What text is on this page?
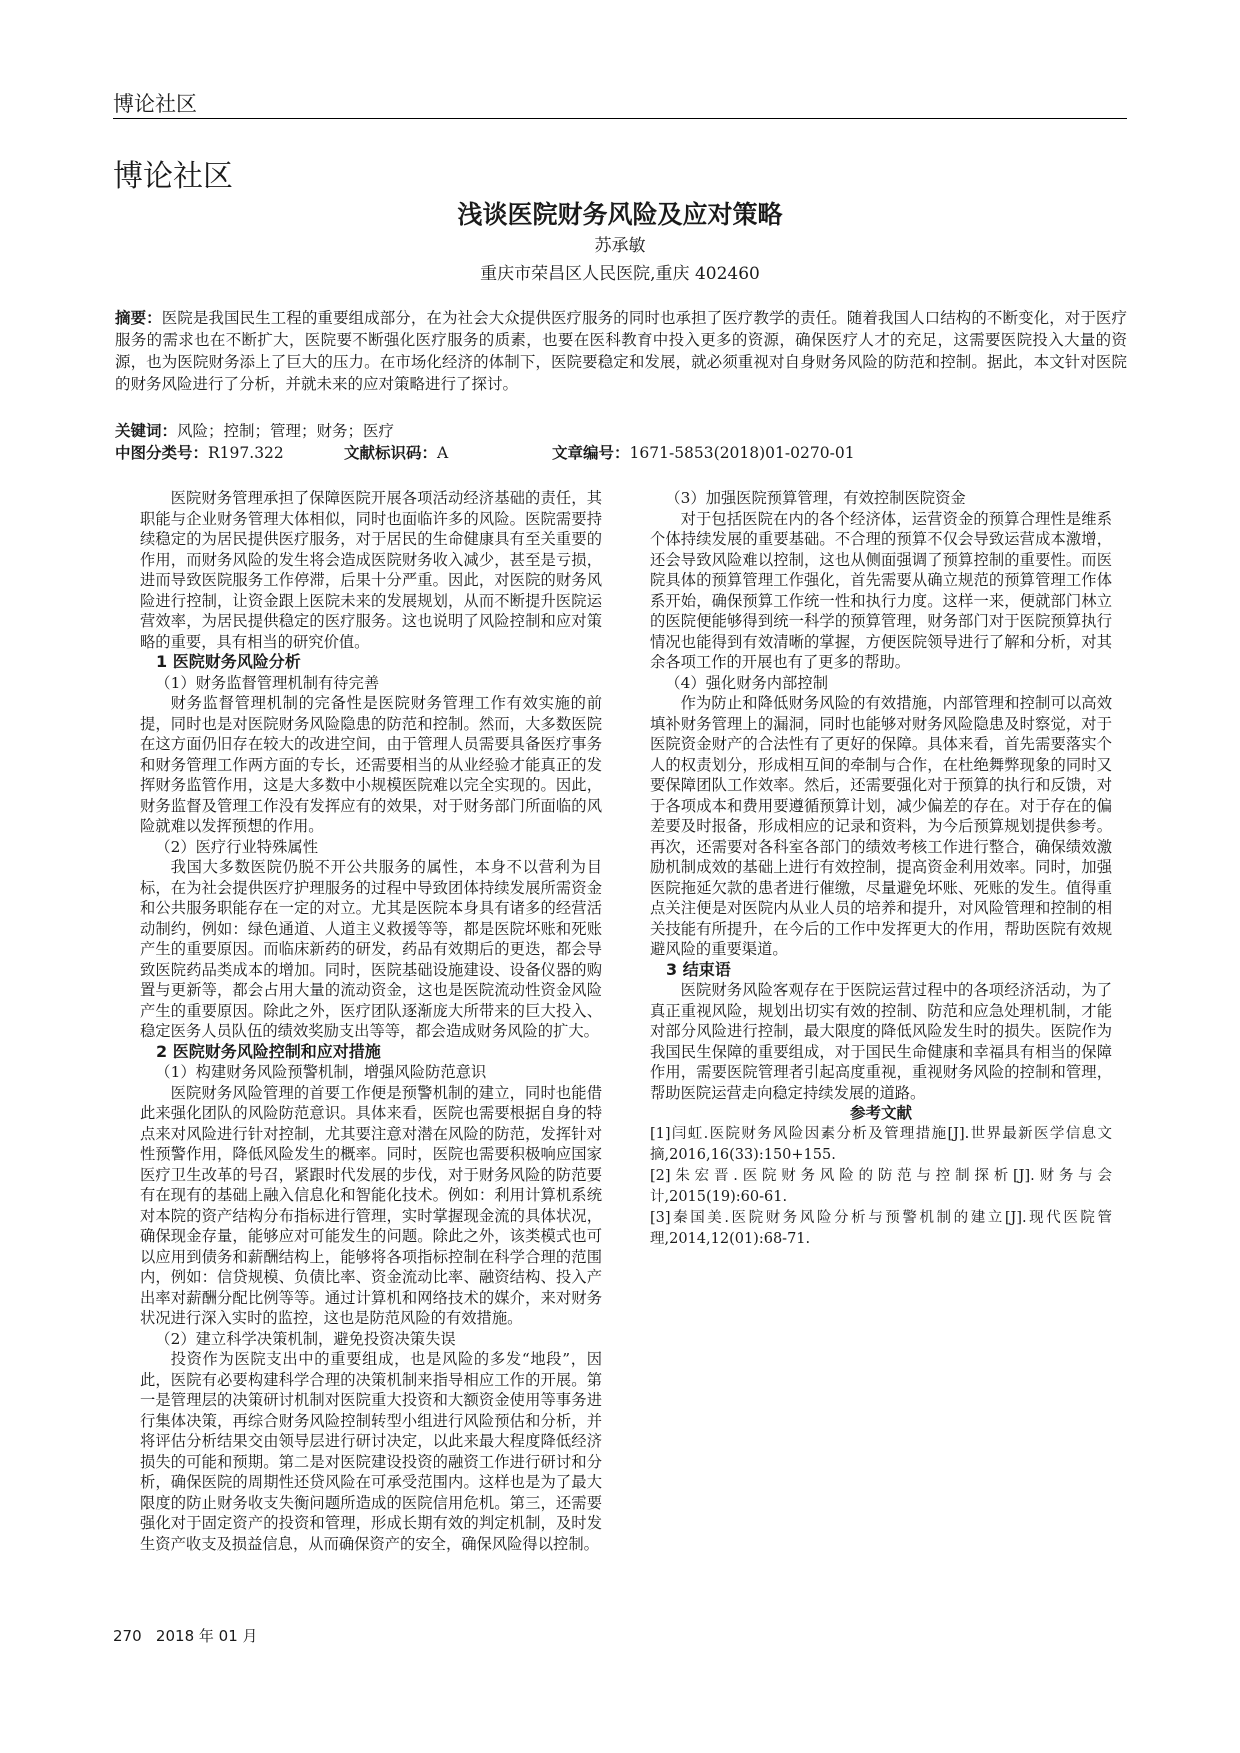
博论社区
博论社区
浅谈医院财务风险及应对策略
苏承敏
重庆市荣昌区人民医院,重庆 402460
摘要：医院是我国民生工程的重要组成部分，在为社会大众提供医疗服务的同时也承担了医疗教学的责任。随着我国人口结构的不断变化，对于医疗服务的需求也在不断扩大，医院要不断强化医疗服务的质素，也要在医科教育中投入更多的资源，确保医疗人才的充足，这需要医院投入大量的资源，也为医院财务添上了巨大的压力。在市场化经济的体制下，医院要稳定和发展，就必须重视对自身财务风险的防范和控制。据此，本文针对医院的财务风险进行了分析，并就未来的应对策略进行了探讨。
关键词：风险；控制；管理；财务；医疗
中图分类号：R197.322	文献标识码：A	文章编号：1671-5853(2018)01-0270-01

医院财务管理承担了保障医院开展各项活动经济基础的责任，其职能与企业财务管理大体相似，同时也面临许多的风险。医院需要持续稳定的为居民提供医疗服务，对于居民的生命健康具有至关重要的作用，而财务风险的发生将会造成医院财务收入减少，甚至是亏损，进而导致医院服务工作停滞，后果十分严重。因此，对医院的财务风险进行控制，让资金跟上医院未来的发展规划，从而不断提升医院运营效率，为居民提供稳定的医疗服务。这也说明了风险控制和应对策略的重要，具有相当的研究价值。

1 医院财务风险分析
（1）财务监督管理机制有待完善

财务监督管理机制的完备性是医院财务管理工作有效实施的前提，同时也是对医院财务风险隐患的防范和控制。然而，大多数医院在这方面仍旧存在较大的改进空间，由于管理人员需要具备医疗事务和财务管理工作两方面的专长，还需要相当的从业经验才能真正的发挥财务监管作用，这是大多数中小规模医院难以完全实现的。因此，财务监督及管理工作没有发挥应有的效果，对于财务部门所面临的风险就难以发挥预想的作用。

（2）医疗行业特殊属性

我国大多数医院仍脱不开公共服务的属性，本身不以营利为目标，在为社会提供医疗护理服务的过程中导致团体持续发展所需资金和公共服务职能存在一定的对立。尤其是医院本身具有诸多的经营活动制约，例如：绿色通道、人道主义救援等等，都是医院坏账和死账产生的重要原因。而临床新药的研发，药品有效期后的更迭，都会导致医院药品类成本的增加。同时，医院基础设施建设、设备仪器的购置与更新等，都会占用大量的流动资金，这也是医院流动性资金风险产生的重要原因。除此之外，医疗团队逐渐庞大所带来的巨大投入、稳定医务人员队伍的绩效奖励支出等等，都会造成财务风险的扩大。

2 医院财务风险控制和应对措施
（1）构建财务风险预警机制，增强风险防范意识

医院财务风险管理的首要工作便是预警机制的建立，同时也能借此来强化团队的风险防范意识。具体来看，医院也需要根据自身的特点来对风险进行针对控制，尤其要注意对潜在风险的防范，发挥针对性预警作用，降低风险发生的概率。同时，医院也需要积极响应国家医疗卫生改革的号召，紧跟时代发展的步伐，对于财务风险的防范要有在现有的基础上融入信息化和智能化技术。例如：利用计算机系统对本院的资产结构分布指标进行管理，实时掌握现金流的具体状况，确保现金存量，能够应对可能发生的问题。除此之外，该类模式也可以应用到债务和薪酬结构上，能够将各项指标控制在科学合理的范围内，例如：信贷规模、负债比率、资金流动比率、融资结构、投入产出率对薪酬分配比例等等。通过计算机和网络技术的媒介，来对财务状况进行深入实时的监控，这也是防范风险的有效措施。

（2）建立科学决策机制，避免投资决策失误

投资作为医院支出中的重要组成，也是风险的多发“地段”，因此，医院有必要构建科学合理的决策机制来指导相应工作的开展。第一是管理层的决策研讨机制对医院重大投资和大额资金使用等事务进行集体决策，再综合财务风险控制转型小组进行风险预估和分析，并将评估分析结果交由领导层进行研讨决定，以此来最大程度降低经济损失的可能和预期。第二是对医院建设投资的融资工作进行研讨和分析，确保医院的周期性还贷风险在可承受范围内。这样也是为了最大限度的防止财务收支失衡问题所造成的医院信用危机。第三，还需要强化对于固定资产的投资和管理，形成长期有效的判定机制，及时发生资产收支及损益信息，从而确保资产的安全，确保风险得以控制。

（3）加强医院预算管理，有效控制医院资金

对于包括医院在内的各个经济体，运营资金的预算合理性是维系个体持续发展的重要基础。不合理的预算不仅会导致运营成本激增，还会导致风险难以控制，这也从侧面强调了预算控制的重要性。而医院具体的预算管理工作强化，首先需要从确立规范的预算管理工作体系开始，确保预算工作统一性和执行力度。这样一来，便就部门林立的医院便能够得到统一科学的预算管理，财务部门对于医院预算执行情况也能得到有效清晰的掌握，方便医院领导进行了解和分析，对其余各项工作的开展也有了更多的帮助。

（4）强化财务内部控制

作为防止和降低财务风险的有效措施，内部管理和控制可以高效填补财务管理上的漏洞，同时也能够对财务风险隐患及时察觉，对于医院资金财产的合法性有了更好的保障。具体来看，首先需要落实个人的权责划分，形成相互间的牵制与合作，在杜绝舞弊现象的同时又要保障团队工作效率。然后，还需要强化对于预算的执行和反馈，对于各项成本和费用要遵循预算计划，减少偏差的存在。对于存在的偏差要及时报备，形成相应的记录和资料，为今后预算规划提供参考。再次，还需要对各科室各部门的绩效考核工作进行整合，确保绩效激励机制成效的基础上进行有效控制，提高资金利用效率。同时，加强医院拖延欠款的患者进行催缴，尽量避免坏账、死账的发生。值得重点关注便是对医院内从业人员的培养和提升，对风险管理和控制的相关技能有所提升，在今后的工作中发挥更大的作用，帮助医院有效规避风险的重要渠道。

3 结束语

医院财务风险客观存在于医院运营过程中的各项经济活动，为了真正重视风险，规划出切实有效的控制、防范和应急处理机制，才能对部分风险进行控制，最大限度的降低风险发生时的损失。医院作为我国民生保障的重要组成，对于国民生命健康和幸福具有相当的保障作用，需要医院管理者引起高度重视，重视财务风险的控制和管理，帮助医院运营走向稳定持续发展的道路。

参考文献

[1]闫虹.医院财务风险因素分析及管理措施[J].世界最新医学信息文摘,2016,16(33):150+155.

[2]朱宏晋.医院财务风险的防范与控制探析[J].财务与会计,2015(19):60-61.

[3]秦国美.医院财务风险分析与预警机制的建立[J].现代医院管理,2014,12(01):68-71.

270   2018 年 01 月
